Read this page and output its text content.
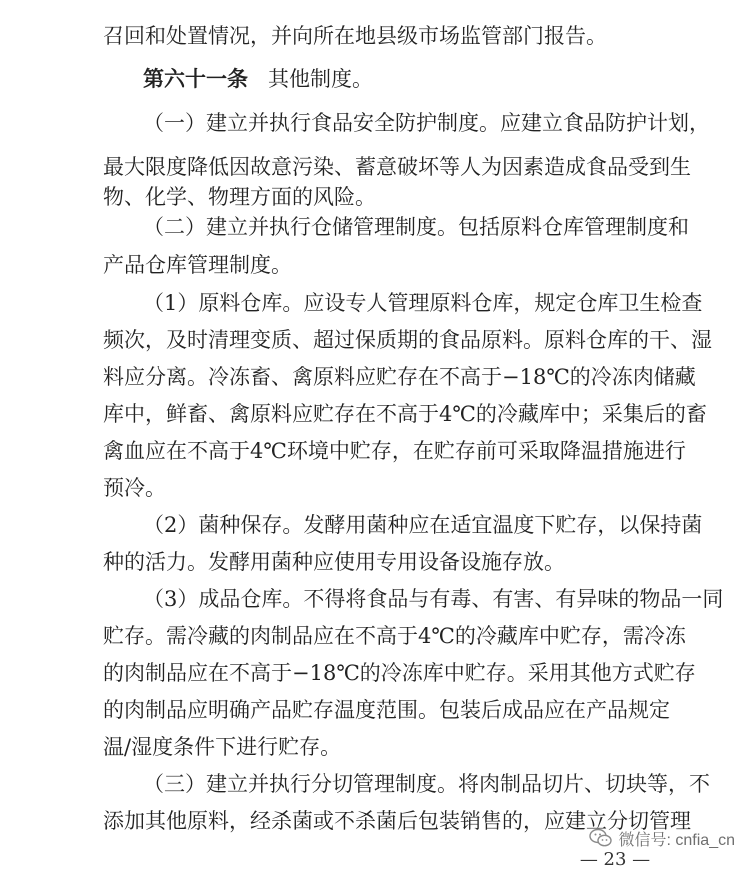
召回和处置情况，并向所在地县级市场监管部门报告。
第六十一条 其他制度。
（一）建立并执行食品安全防护制度。应建立食品防护计划，
最大限度降低因故意污染、蓄意破坏等人为因素造成食品受到生
物、化学、物理方面的风险。
（二）建立并执行仓储管理制度。包括原料仓库管理制度和
产品仓库管理制度。
（1）原料仓库。应设专人管理原料仓库，规定仓库卫生检查
频次，及时清理变质、超过保质期的食品原料。原料仓库的干、湿
料应分离。冷冻畜、禽原料应贮存在不高于−18℃的冷冻肉储藏
库中，鲜畜、禽原料应贮存在不高于4℃的冷藏库中；采集后的畜
禽血应在不高于4℃环境中贮存，在贮存前可采取降温措施进行
预冷。
（2）菌种保存。发酵用菌种应在适宜温度下贮存，以保持菌
种的活力。发酵用菌种应使用专用设备设施存放。
（3）成品仓库。不得将食品与有毒、有害、有异味的物品一同
贮存。需冷藏的肉制品应在不高于4℃的冷藏库中贮存，需冷冻
的肉制品应在不高于−18℃的冷冻库中贮存。采用其他方式贮存
的肉制品应明确产品贮存温度范围。包装后成品应在产品规定
温/湿度条件下进行贮存。
（三）建立并执行分切管理制度。将肉制品切片、切块等，不
添加其他原料，经杀菌或不杀菌后包装销售的，应建立分切管理
微信号: cnfia_cn
— 23 —
